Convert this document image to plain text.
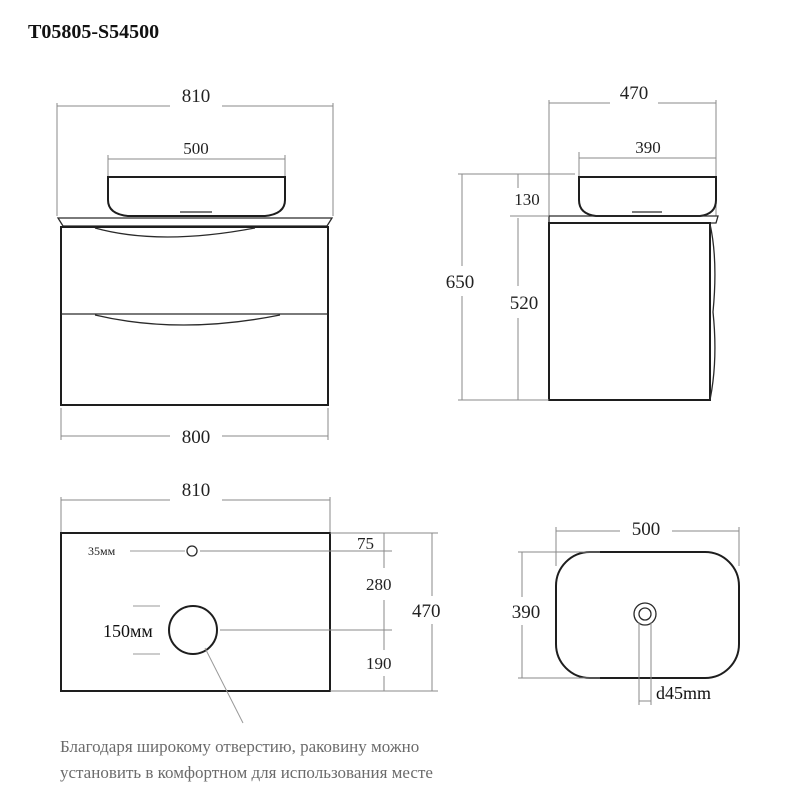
T05805-S54500
810
500
800
470
390
650
130
520
810
35мм
150мм
75
280
190
470
500
390
d45mm
Благодаря широкому отверстию, раковину можно
установить в комфортном для использования месте
